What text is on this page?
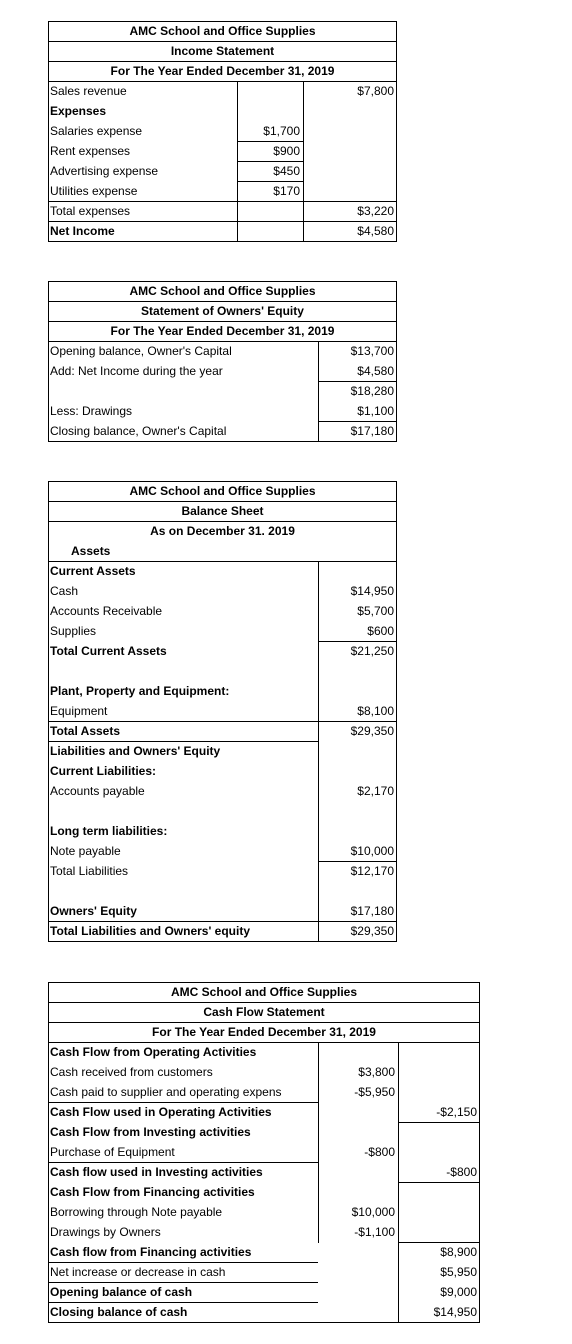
AMC School and Office Supplies
Income Statement
For The Year Ended December 31, 2019
Sales revenue	$7,800
Expenses
Salaries expense	$1,700
Rent expenses	$900
Advertising expense	$450
Utilities expense	$170
Total expenses	$3,220
Net Income	$4,580
AMC School and Office Supplies
Statement of Owners' Equity
For The Year Ended December 31, 2019
Opening balance, Owner's Capital	$13,700
Add: Net Income during the year	$4,580
$18,280
Less: Drawings	$1,100
Closing balance, Owner's Capital	$17,180
AMC School and Office Supplies
Balance Sheet
As on December 31. 2019
Assets
Current Assets
Cash	$14,950
Accounts Receivable	$5,700
Supplies	$600
Total Current Assets	$21,250
Plant, Property and Equipment:
Equipment	$8,100
Total Assets	$29,350
Liabilities and Owners' Equity
Current Liabilities:
Accounts payable	$2,170
Long term liabilities:
Note payable	$10,000
Total Liabilities	$12,170
Owners' Equity	$17,180
Total Liabilities and Owners' equity	$29,350
AMC School and Office Supplies
Cash Flow Statement
For The Year Ended December 31, 2019
Cash Flow from Operating Activities
Cash received from customers	$3,800
Cash paid to supplier and operating expens	-$5,950
Cash Flow used in Operating Activities	-$2,150
Cash Flow from Investing activities
Purchase of Equipment	-$800
Cash flow used in Investing activities	-$800
Cash Flow from Financing activities
Borrowing through Note payable	$10,000
Drawings by Owners	-$1,100
Cash flow from Financing activities	$8,900
Net increase or decrease in cash	$5,950
Opening balance of cash	$9,000
Closing balance of cash	$14,950
